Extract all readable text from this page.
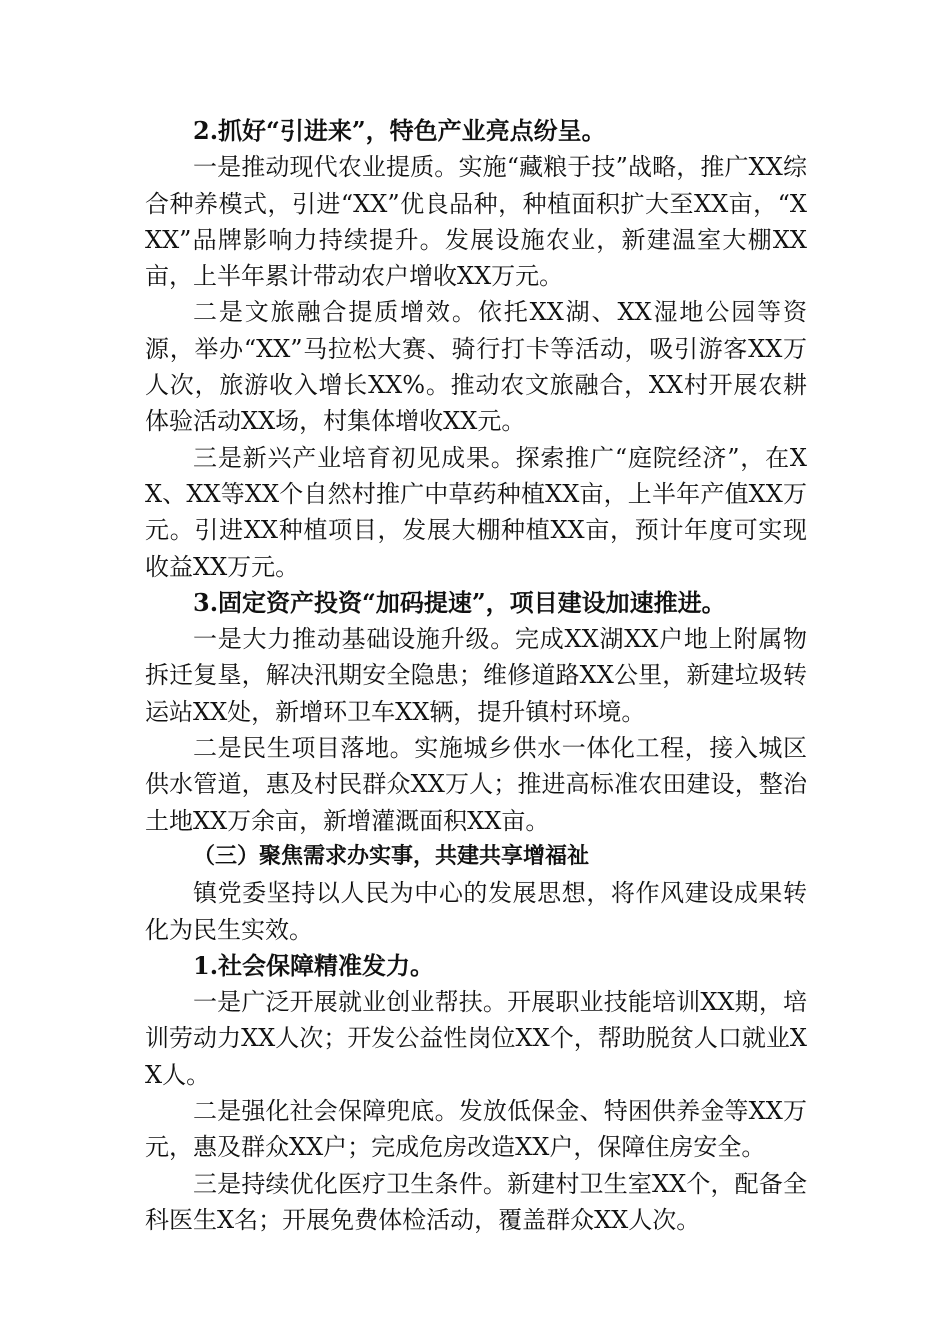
2.抓好“引进来”，特色产业亮点纷呈。

一是推动现代农业提质。实施“藏粮于技”战略，推广XX综合种养模式，引进“XX”优良品种，种植面积扩大至XX亩，“XXX”品牌影响力持续提升。发展设施农业，新建温室大棚XX亩，上半年累计带动农户增收XX万元。

二是文旅融合提质增效。依托XX湖、XX湿地公园等资源，举办“XX”马拉松大赛、骑行打卡等活动，吸引游客XX万人次，旅游收入增长XX%。推动农文旅融合，XX村开展农耕体验活动XX场，村集体增收XX元。

三是新兴产业培育初见成果。探索推广“庭院经济”，在XX、XX等XX个自然村推广中草药种植XX亩，上半年产值XX万元。引进XX种植项目，发展大棚种植XX亩，预计年度可实现收益XX万元。

3.固定资产投资“加码提速”，项目建设加速推进。

一是大力推动基础设施升级。完成XX湖XX户地上附属物拆迁复垦，解决汛期安全隐患；维修道路XX公里，新建垃圾转运站XX处，新增环卫车XX辆，提升镇村环境。

二是民生项目落地。实施城乡供水一体化工程，接入城区供水管道，惠及村民群众XX万人；推进高标准农田建设，整治土地XX万余亩，新增灌溉面积XX亩。

（三）聚焦需求办实事，共建共享增福祉

镇党委坚持以人民为中心的发展思想，将作风建设成果转化为民生实效。

1.社会保障精准发力。

一是广泛开展就业创业帮扶。开展职业技能培训XX期，培训劳动力XX人次；开发公益性岗位XX个，帮助脱贫人口就业XX人。

二是强化社会保障兜底。发放低保金、特困供养金等XX万元，惠及群众XX户；完成危房改造XX户，保障住房安全。

三是持续优化医疗卫生条件。新建村卫生室XX个，配备全科医生X名；开展免费体检活动，覆盖群众XX人次。
